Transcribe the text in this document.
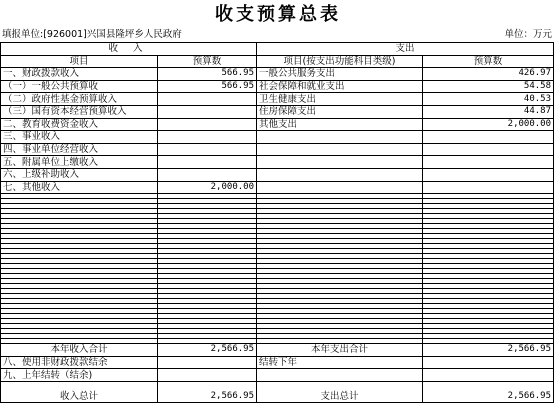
收支预算总表
填报单位:[926001]兴国县隆坪乡人民政府	单位：万元
收 入		支出	
项目	预算数	项目(按支出功能科目类级)	预算数
一、财政拨款收入	566.95	一般公共服务支出	426.97
（一）一般公共预算收	566.95	社会保障和就业支出	54.58
（二）政府性基金预算收入		卫生健康支出	40.53
（三）国有资本经营预算收入		住房保障支出	44.87
二、教育收费资金收入		其他支出	2,000.00
三、事业收入			
四、事业单位经营收入			
五、附属单位上缴收入			
六、上级补助收入			
七、其他收入	2,000.00		

本年收入合计	2,566.95	本年支出合计	2,566.95
八、使用非财政拨款结余		结转下年	
九、上年结转（结余)			
收入总计	2,566.95	支出总计	2,566.95
